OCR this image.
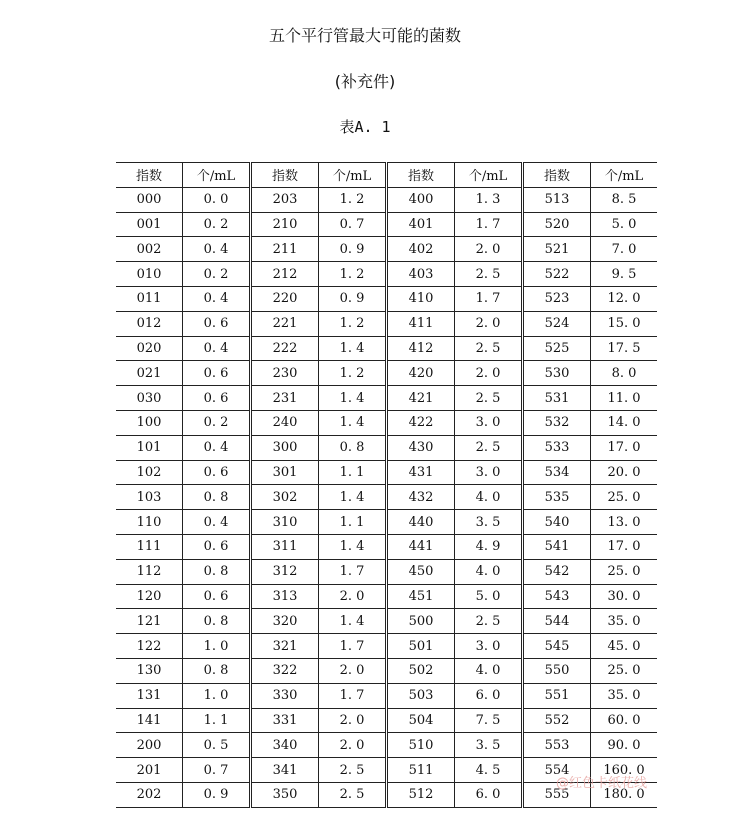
五个平行管最大可能的菌数
(补充件)
表A. 1
指数	个/mL	指数	个/mL	指数	个/mL	指数	个/mL
000	0. 0	203	1. 2	400	1. 3	513	8. 5
001	0. 2	210	0. 7	401	1. 7	520	5. 0
002	0. 4	211	0. 9	402	2. 0	521	7. 0
010	0. 2	212	1. 2	403	2. 5	522	9. 5
011	0. 4	220	0. 9	410	1. 7	523	12. 0
012	0. 6	221	1. 2	411	2. 0	524	15. 0
020	0. 4	222	1. 4	412	2. 5	525	17. 5
021	0. 6	230	1. 2	420	2. 0	530	8. 0
030	0. 6	231	1. 4	421	2. 5	531	11. 0
100	0. 2	240	1. 4	422	3. 0	532	14. 0
101	0. 4	300	0. 8	430	2. 5	533	17. 0
102	0. 6	301	1. 1	431	3. 0	534	20. 0
103	0. 8	302	1. 4	432	4. 0	535	25. 0
110	0. 4	310	1. 1	440	3. 5	540	13. 0
111	0. 6	311	1. 4	441	4. 9	541	17. 0
112	0. 8	312	1. 7	450	4. 0	542	25. 0
120	0. 6	313	2. 0	451	5. 0	543	30. 0
121	0. 8	320	1. 4	500	2. 5	544	35. 0
122	1. 0	321	1. 7	501	3. 0	545	45. 0
130	0. 8	322	2. 0	502	4. 0	550	25. 0
131	1. 0	330	1. 7	503	6. 0	551	35. 0
141	1. 1	331	2. 0	504	7. 5	552	60. 0
200	0. 5	340	2. 0	510	3. 5	553	90. 0
201	0. 7	341	2. 5	511	4. 5	554	160. 0
202	0. 9	350	2. 5	512	6. 0	555	180. 0
@红色卡纸花线
